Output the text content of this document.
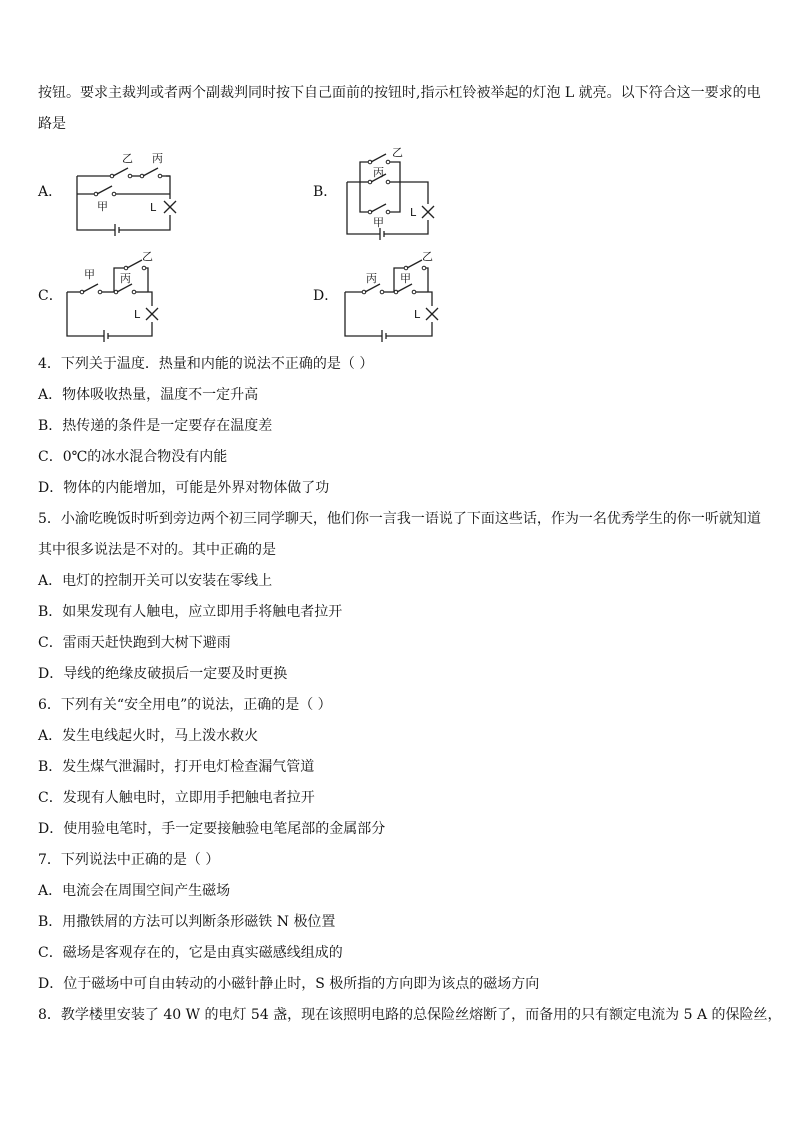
按钮。要求主裁判或者两个副裁判同时按下自己面前的按钮时,指示杠铃被举起的灯泡 L 就亮。以下符合这一要求的电
路是
A．
乙 丙
甲	L
B．
乙
丙
甲
L
C．
甲 丙
乙
L
D．
丙 甲
乙
L
4．下列关于温度．热量和内能的说法不正确的是（ ）
A．物体吸收热量，温度不一定升高
B．热传递的条件是一定要存在温度差
C．0℃的冰水混合物没有内能
D．物体的内能增加，可能是外界对物体做了功
5．小渝吃晚饭时听到旁边两个初三同学聊天，他们你一言我一语说了下面这些话，作为一名优秀学生的你一听就知道
其中很多说法是不对的。其中正确的是
A．电灯的控制开关可以安装在零线上
B．如果发现有人触电，应立即用手将触电者拉开
C．雷雨天赶快跑到大树下避雨
D．导线的绝缘皮破损后一定要及时更换
6．下列有关“安全用电”的说法，正确的是（ ）
A．发生电线起火时，马上泼水救火
B．发生煤气泄漏时，打开电灯检查漏气管道
C．发现有人触电时，立即用手把触电者拉开
D．使用验电笔时，手一定要接触验电笔尾部的金属部分
7．下列说法中正确的是（ ）
A．电流会在周围空间产生磁场
B．用撒铁屑的方法可以判断条形磁铁 N 极位置
C．磁场是客观存在的，它是由真实磁感线组成的
D．位于磁场中可自由转动的小磁针静止时，S 极所指的方向即为该点的磁场方向
8．教学楼里安装了 40 W 的电灯 54 盏，现在该照明电路的总保险丝熔断了，而备用的只有额定电流为 5 A 的保险丝，
